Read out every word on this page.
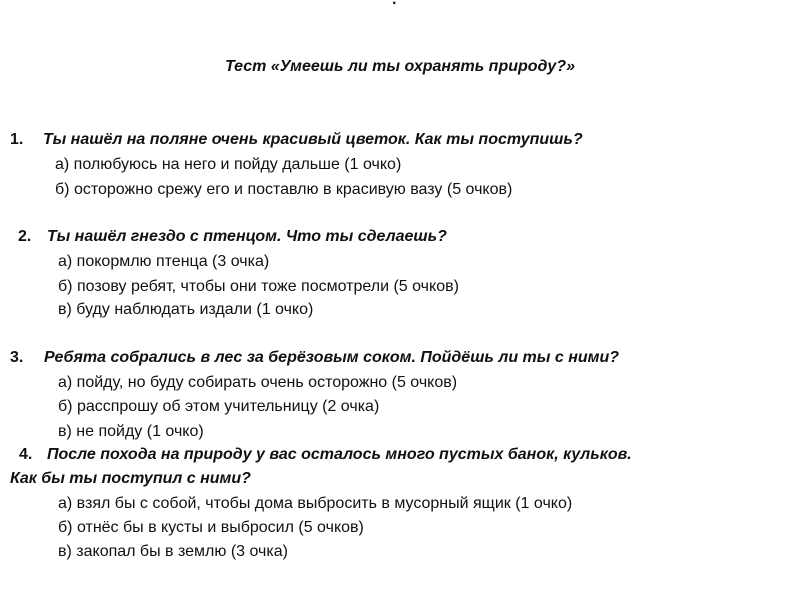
·
Тест «Умеешь ли ты охранять природу?»
1. Ты нашёл на поляне очень красивый цветок. Как ты поступишь?
а) полюбуюсь на него и пойду дальше (1 очко)
б) осторожно срежу его и поставлю в красивую вазу (5 очков)
2. Ты нашёл гнездо с птенцом. Что ты сделаешь?
а) покормлю птенца (3 очка)
б) позову ребят, чтобы они тоже посмотрели (5 очков)
в) буду наблюдать издали (1 очко)
3. Ребята собрались в лес за берёзовым соком. Пойдёшь ли ты с ними?
а) пойду, но буду собирать очень осторожно (5 очков)
б) расспрошу об этом учительницу (2 очка)
в) не пойду (1 очко)
4. После похода на природу у вас осталось много пустых банок, кульков.
Как бы ты поступил с ними?
а) взял бы с собой, чтобы дома выбросить в мусорный ящик (1 очко)
б) отнёс бы в кусты и выбросил (5 очков)
в) закопал бы в землю (3 очка)
